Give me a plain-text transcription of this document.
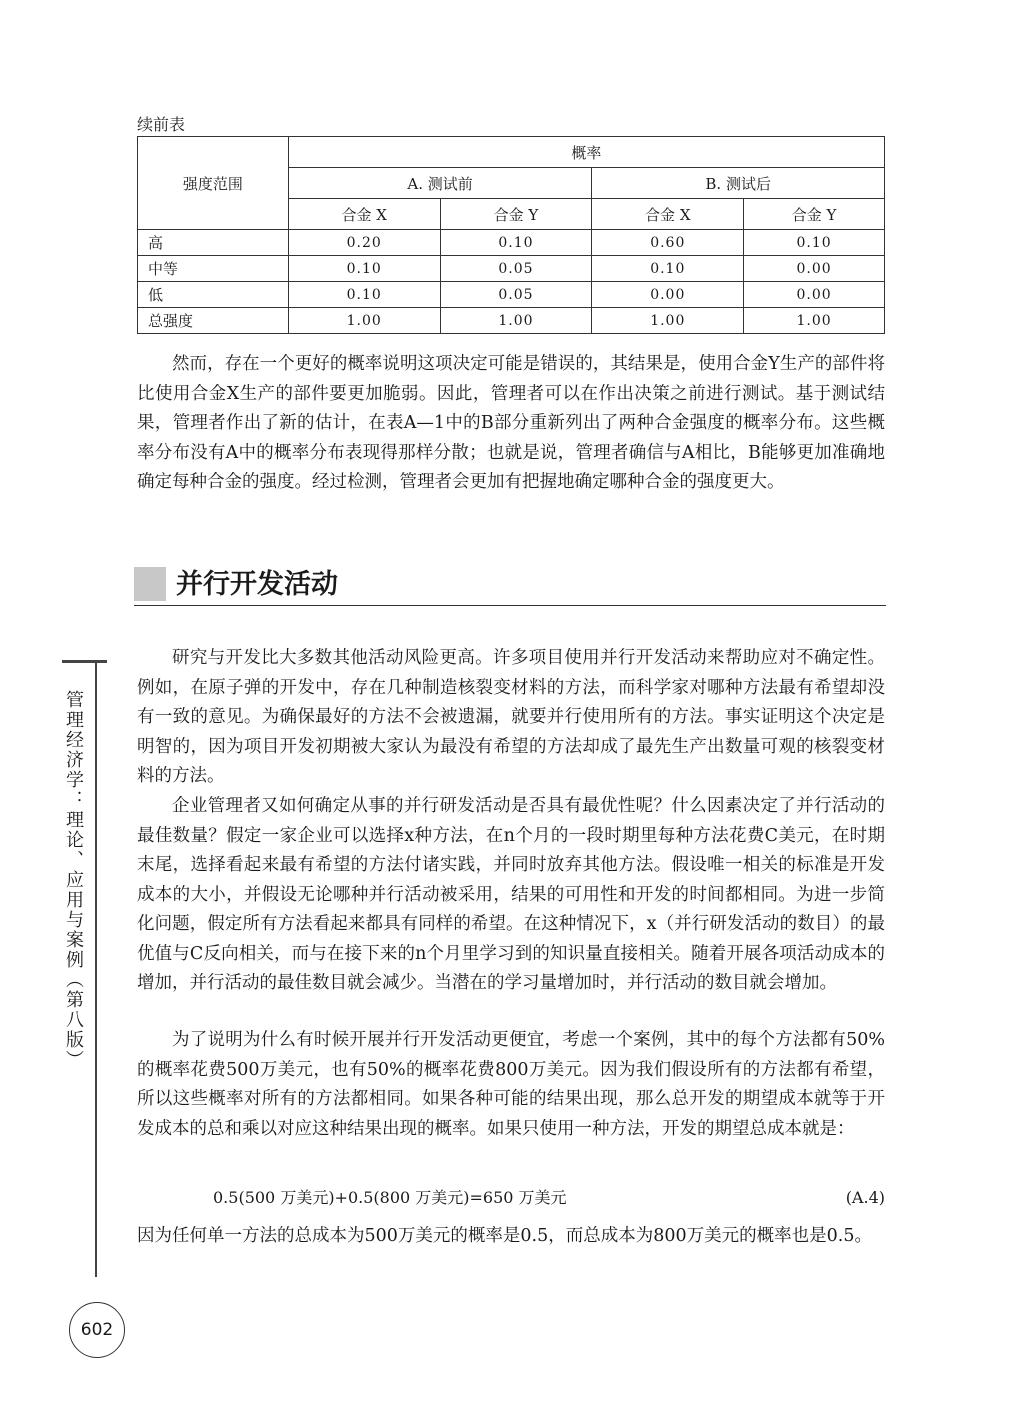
续前表
强度范围	概率			
	A. 测试前		B. 测试后	
	合金 X	合金 Y	合金 X	合金 Y
高	0.20	0.10	0.60	0.10
中等	0.10	0.05	0.10	0.00
低	0.10	0.05	0.00	0.00
总强度	1.00	1.00	1.00	1.00

然而，存在一个更好的概率说明这项决定可能是错误的，其结果是，使用合金Y生产的部件将比使用合金X生产的部件要更加脆弱。因此，管理者可以在作出决策之前进行测试。基于测试结果，管理者作出了新的估计，在表A—1中的B部分重新列出了两种合金强度的概率分布。这些概率分布没有A中的概率分布表现得那样分散；也就是说，管理者确信与A相比，B能够更加准确地确定每种合金的强度。经过检测，管理者会更加有把握地确定哪种合金的强度更大。

并行开发活动

研究与开发比大多数其他活动风险更高。许多项目使用并行开发活动来帮助应对不确定性。例如，在原子弹的开发中，存在几种制造核裂变材料的方法，而科学家对哪种方法最有希望却没有一致的意见。为确保最好的方法不会被遗漏，就要并行使用所有的方法。事实证明这个决定是明智的，因为项目开发初期被大家认为最没有希望的方法却成了最先生产出数量可观的核裂变材料的方法。

企业管理者又如何确定从事的并行研发活动是否具有最优性呢？什么因素决定了并行活动的最佳数量？假定一家企业可以选择x种方法，在n个月的一段时期里每种方法花费C美元，在时期末尾，选择看起来最有希望的方法付诸实践，并同时放弃其他方法。假设唯一相关的标准是开发成本的大小，并假设无论哪种并行活动被采用，结果的可用性和开发的时间都相同。为进一步简化问题，假定所有方法看起来都具有同样的希望。在这种情况下，x（并行研发活动的数目）的最优值与C反向相关，而与在接下来的n个月里学习到的知识量直接相关。随着开展各项活动成本的增加，并行活动的最佳数目就会减少。当潜在的学习量增加时，并行活动的数目就会增加。

为了说明为什么有时候开展并行开发活动更便宜，考虑一个案例，其中的每个方法都有50%的概率花费500万美元，也有50%的概率花费800万美元。因为我们假设所有的方法都有希望，所以这些概率对所有的方法都相同。如果各种可能的结果出现，那么总开发的期望成本就等于开发成本的总和乘以对应这种结果出现的概率。如果只使用一种方法，开发的期望总成本就是：

0.5(500 万美元)+0.5(800 万美元)=650 万美元	(A.4)

因为任何单一方法的总成本为500万美元的概率是0.5，而总成本为800万美元的概率也是0.5。

管理经济学：理论、应用与案例（第八版）
602
